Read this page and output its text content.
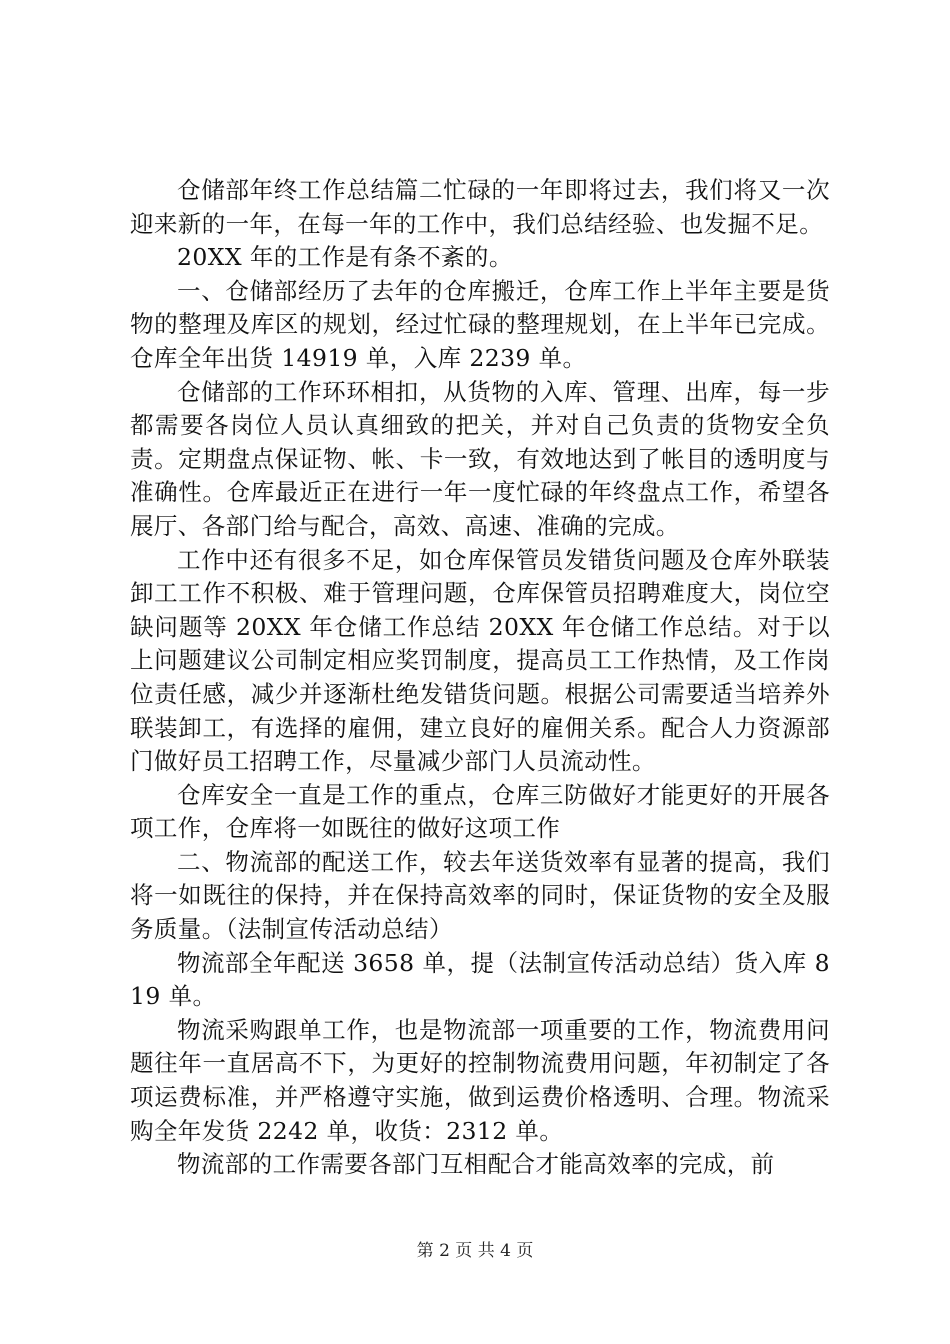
仓储部年终工作总结篇二忙碌的一年即将过去，我们将又一次迎来新的一年，在每一年的工作中，我们总结经验、也发掘不足。

20XX 年的工作是有条不紊的。

一、仓储部经历了去年的仓库搬迁，仓库工作上半年主要是货物的整理及库区的规划，经过忙碌的整理规划，在上半年已完成。仓库全年出货 14919 单，入库 2239 单。

仓储部的工作环环相扣，从货物的入库、管理、出库，每一步都需要各岗位人员认真细致的把关，并对自己负责的货物安全负责。定期盘点保证物、帐、卡一致，有效地达到了帐目的透明度与准确性。仓库最近正在进行一年一度忙碌的年终盘点工作，希望各展厅、各部门给与配合，高效、高速、准确的完成。

工作中还有很多不足，如仓库保管员发错货问题及仓库外联装卸工工作不积极、难于管理问题，仓库保管员招聘难度大，岗位空缺问题等 20XX 年仓储工作总结 20XX 年仓储工作总结。对于以上问题建议公司制定相应奖罚制度，提高员工工作热情，及工作岗位责任感，减少并逐渐杜绝发错货问题。根据公司需要适当培养外联装卸工，有选择的雇佣，建立良好的雇佣关系。配合人力资源部门做好员工招聘工作，尽量减少部门人员流动性。

仓库安全一直是工作的重点，仓库三防做好才能更好的开展各项工作，仓库将一如既往的做好这项工作

二、物流部的配送工作，较去年送货效率有显著的提高，我们将一如既往的保持，并在保持高效率的同时，保证货物的安全及服务质量。（法制宣传活动总结）

物流部全年配送 3658 单，提（法制宣传活动总结）货入库 819 单。

物流采购跟单工作，也是物流部一项重要的工作，物流费用问题往年一直居高不下，为更好的控制物流费用问题，年初制定了各项运费标准，并严格遵守实施，做到运费价格透明、合理。物流采购全年发货 2242 单，收货：2312 单。

物流部的工作需要各部门互相配合才能高效率的完成，前

第 2 页 共 4 页
